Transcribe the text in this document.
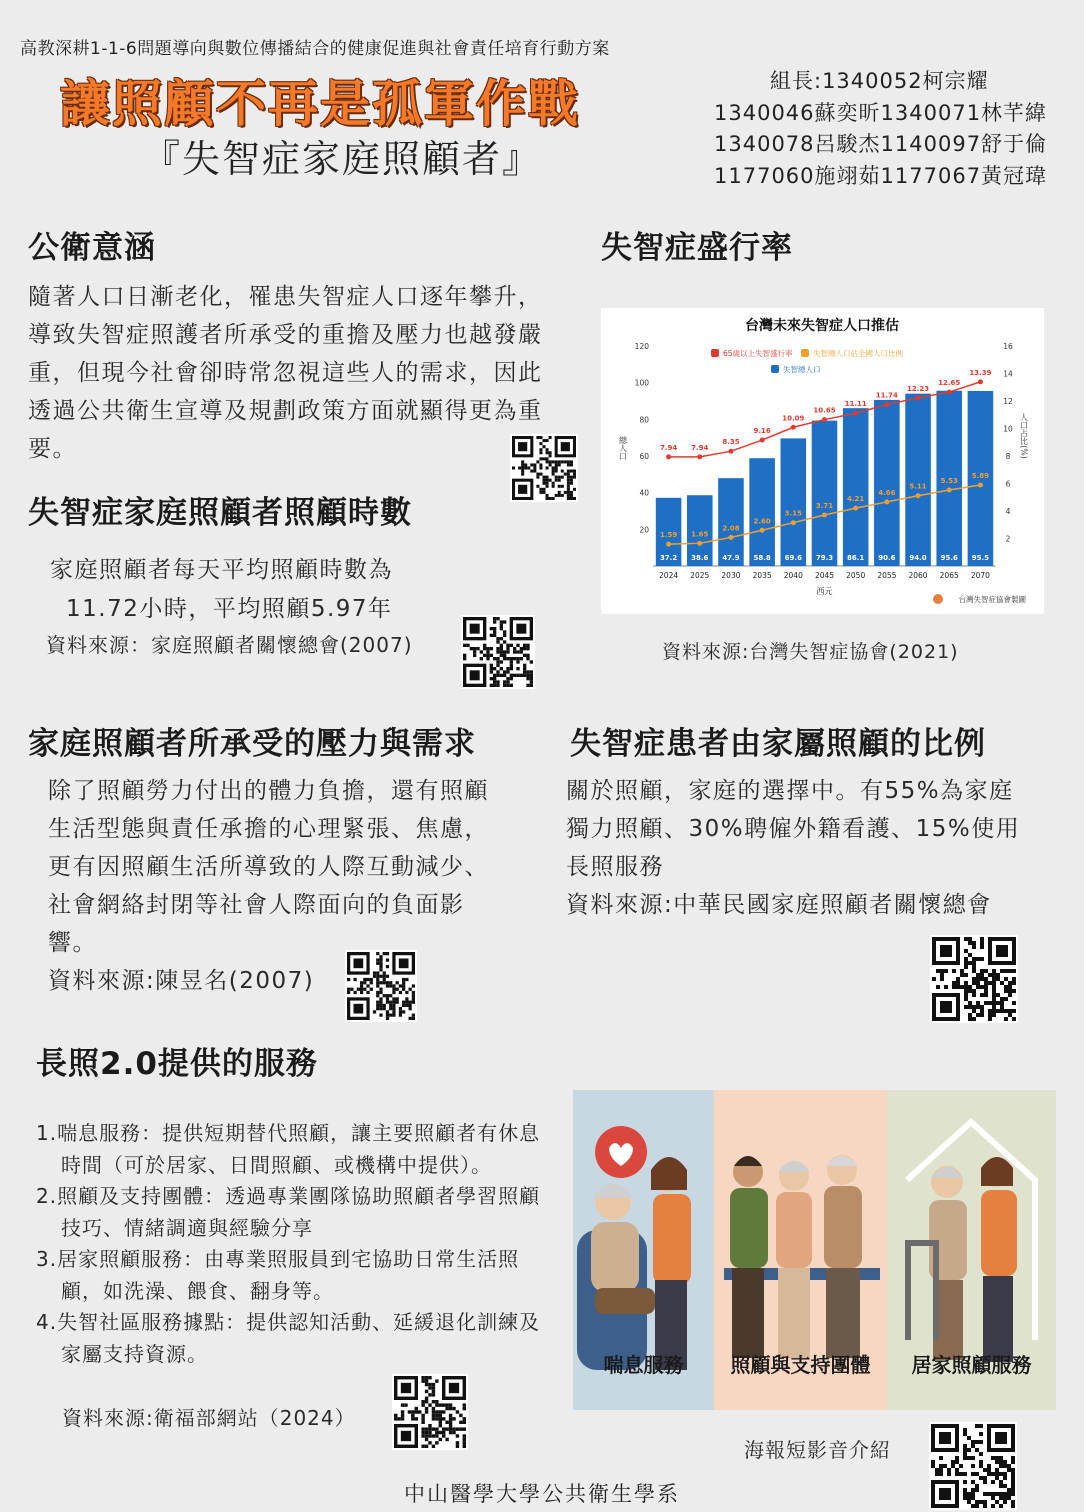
高教深耕1-1-6問題導向與數位傳播結合的健康促進與社會責任培育行動方案
讓照顧不再是孤軍作戰
『失智症家庭照顧者』
組長:1340052柯宗耀
1340046蘇奕昕1340071林芊緯
1340078呂駿杰1140097舒于倫
1177060施翊茹1177067黃冠瑋
公衛意涵
隨著人口日漸老化，罹患失智症人口逐年攀升，導致失智症照護者所承受的重擔及壓力也越發嚴重，但現今社會卻時常忽視這些人的需求，因此透過公共衛生宣導及規劃政策方面就顯得更為重要。
失智症家庭照顧者照顧時數
家庭照顧者每天平均照顧時數為
11.72小時，平均照顧5.97年
資料來源：家庭照顧者關懷總會(2007)
失智症盛行率
台灣未來失智症人口推估
65歲以上失智盛行率	失智總人口佔全國人口比例
失智總人口
20
40
60
80
100
120
2
4
6
8
10
12
14
16
總人口	人口占比(%)
37.2
2024
38.6
2025
47.9
2030
58.8
2035
69.6
2040
79.3
2045
86.1
2050
90.6
2055
94.0
2060
95.6
2065
95.5
2070
西元
7.94 7.94
8.35
9.16
10.09
10.65
11.11
11.74
12.23
12.65
13.39
1.59 1.65
2.08
2.60
3.15
3.71
4.21
4.66
5.11
5.53
5.89
台灣失智症協會製圖
資料來源:台灣失智症協會(2021)
家庭照顧者所承受的壓力與需求
除了照顧勞力付出的體力負擔，還有照顧
生活型態與責任承擔的心理緊張、焦慮，
更有因照顧生活所導致的人際互動減少、
社會網絡封閉等社會人際面向的負面影
響。
資料來源:陳昱名(2007)
失智症患者由家屬照顧的比例
關於照顧，家庭的選擇中。有55%為家庭
獨力照顧、30%聘僱外籍看護、15%使用
長照服務
資料來源:中華民國家庭照顧者關懷總會
長照2.0提供的服務
1.喘息服務：提供短期替代照顧，讓主要照顧者有休息時間（可於居家、日間照顧、或機構中提供）。
2.照顧及支持團體：透過專業團隊協助照顧者學習照顧技巧、情緒調適與經驗分享
3.居家照顧服務：由專業照服員到宅協助日常生活照顧，如洗澡、餵食、翻身等。
4.失智社區服務據點：提供認知活動、延緩退化訓練及家屬支持資源。
資料來源:衛福部網站（2024）
喘息服務	照顧與支持團體	居家照顧服務
海報短影音介紹
中山醫學大學公共衛生學系
